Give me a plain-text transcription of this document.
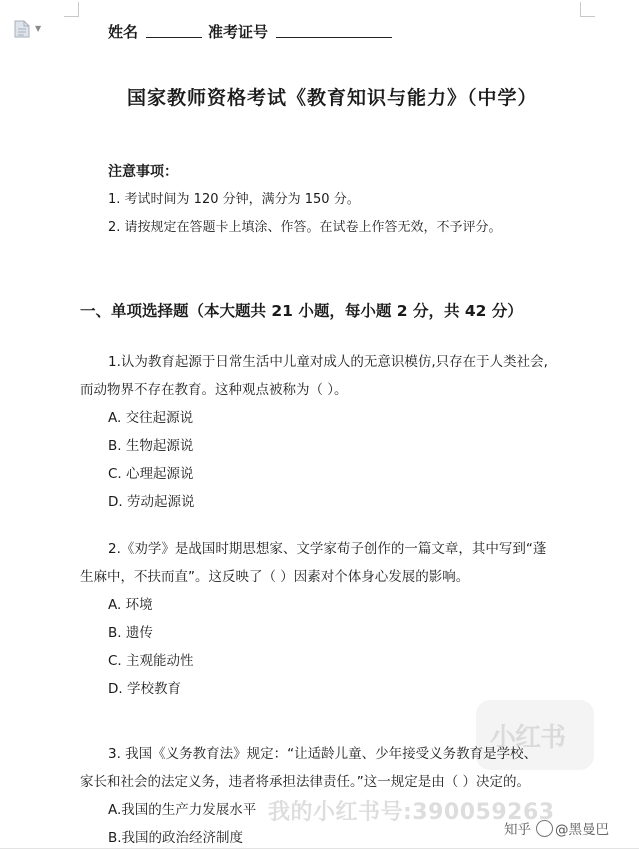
▼	姓名	准考证号
国家教师资格考试《教育知识与能力》（中学）
注意事项：
1. 考试时间为 120 分钟，满分为 150 分。
2. 请按规定在答题卡上填涂、作答。在试卷上作答无效，不予评分。
一、单项选择题（本大题共 21 小题，每小题 2 分，共 42 分）
1.认为教育起源于日常生活中儿童对成人的无意识模仿,只存在于人类社会,
而动物界不存在教育。这种观点被称为（ ）。
A. 交往起源说
B. 生物起源说
C. 心理起源说
D. 劳动起源说
2.《劝学》是战国时期思想家、文学家荀子创作的一篇文章，其中写到“蓬
生麻中，不扶而直”。这反映了（ ）因素对个体身心发展的影响。
A. 环境
B. 遗传
C. 主观能动性
D. 学校教育
小红书
3. 我国《义务教育法》规定：“让适龄儿童、少年接受义务教育是学校、
家长和社会的法定义务，违者将承担法律责任。”这一规定是由（ ）决定的。
A.我国的生产力发展水平
B.我国的政治经济制度
我的小红书号:390059263
知乎 @黑曼巴
